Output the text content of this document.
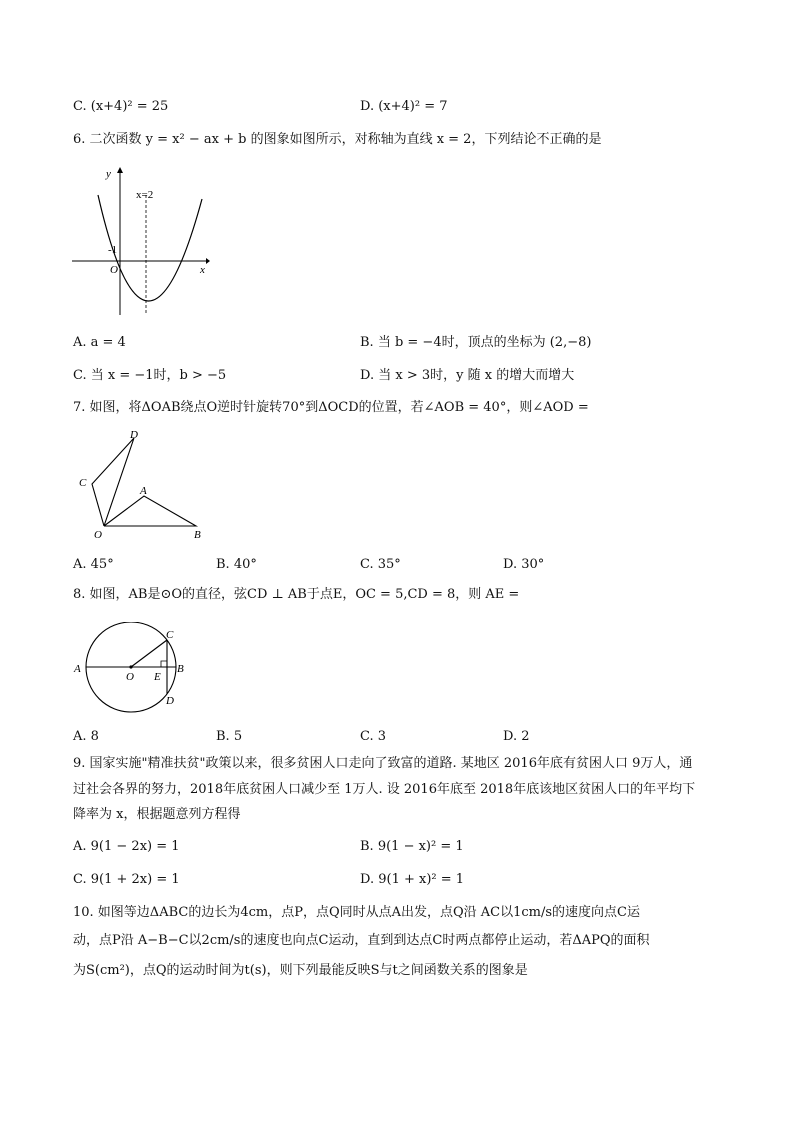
C. (x+4)² = 25	D. (x+4)² = 7
6. 二次函数 y = x² − ax + b 的图象如图所示，对称轴为直线 x = 2，下列结论不正确的是
y
x
x=2
-1
O
A. a = 4	B. 当 b = −4时，顶点的坐标为 (2,−8)
C. 当 x = −1时，b > −5	D. 当 x > 3时，y 随 x 的增大而增大
7. 如图，将ΔOAB绕点O逆时针旋转70°到ΔOCD的位置，若∠AOB = 40°，则∠AOD =
D
C
A
O	B
A. 45°	B. 40°	C. 35°	D. 30°
8. 如图，AB是⊙O的直径，弦CD ⊥ AB于点E，OC = 5,CD = 8，则 AE =
A	B
C
D
O E
A. 8	B. 5	C. 3	D. 2
9. 国家实施"精准扶贫"政策以来，很多贫困人口走向了致富的道路. 某地区 2016年底有贫困人口 9万人，通
过社会各界的努力，2018年底贫困人口减少至 1万人. 设 2016年底至 2018年底该地区贫困人口的年平均下
降率为 x，根据题意列方程得
A. 9(1 − 2x) = 1	B. 9(1 − x)² = 1
C. 9(1 + 2x) = 1	D. 9(1 + x)² = 1
10. 如图等边ΔABC的边长为4cm，点P，点Q同时从点A出发，点Q沿 AC以1cm/s的速度向点C运
动，点P沿 A−B−C以2cm/s的速度也向点C运动，直到到达点C时两点都停止运动，若ΔAPQ的面积
为S(cm²)，点Q的运动时间为t(s)，则下列最能反映S与t之间函数关系的图象是
